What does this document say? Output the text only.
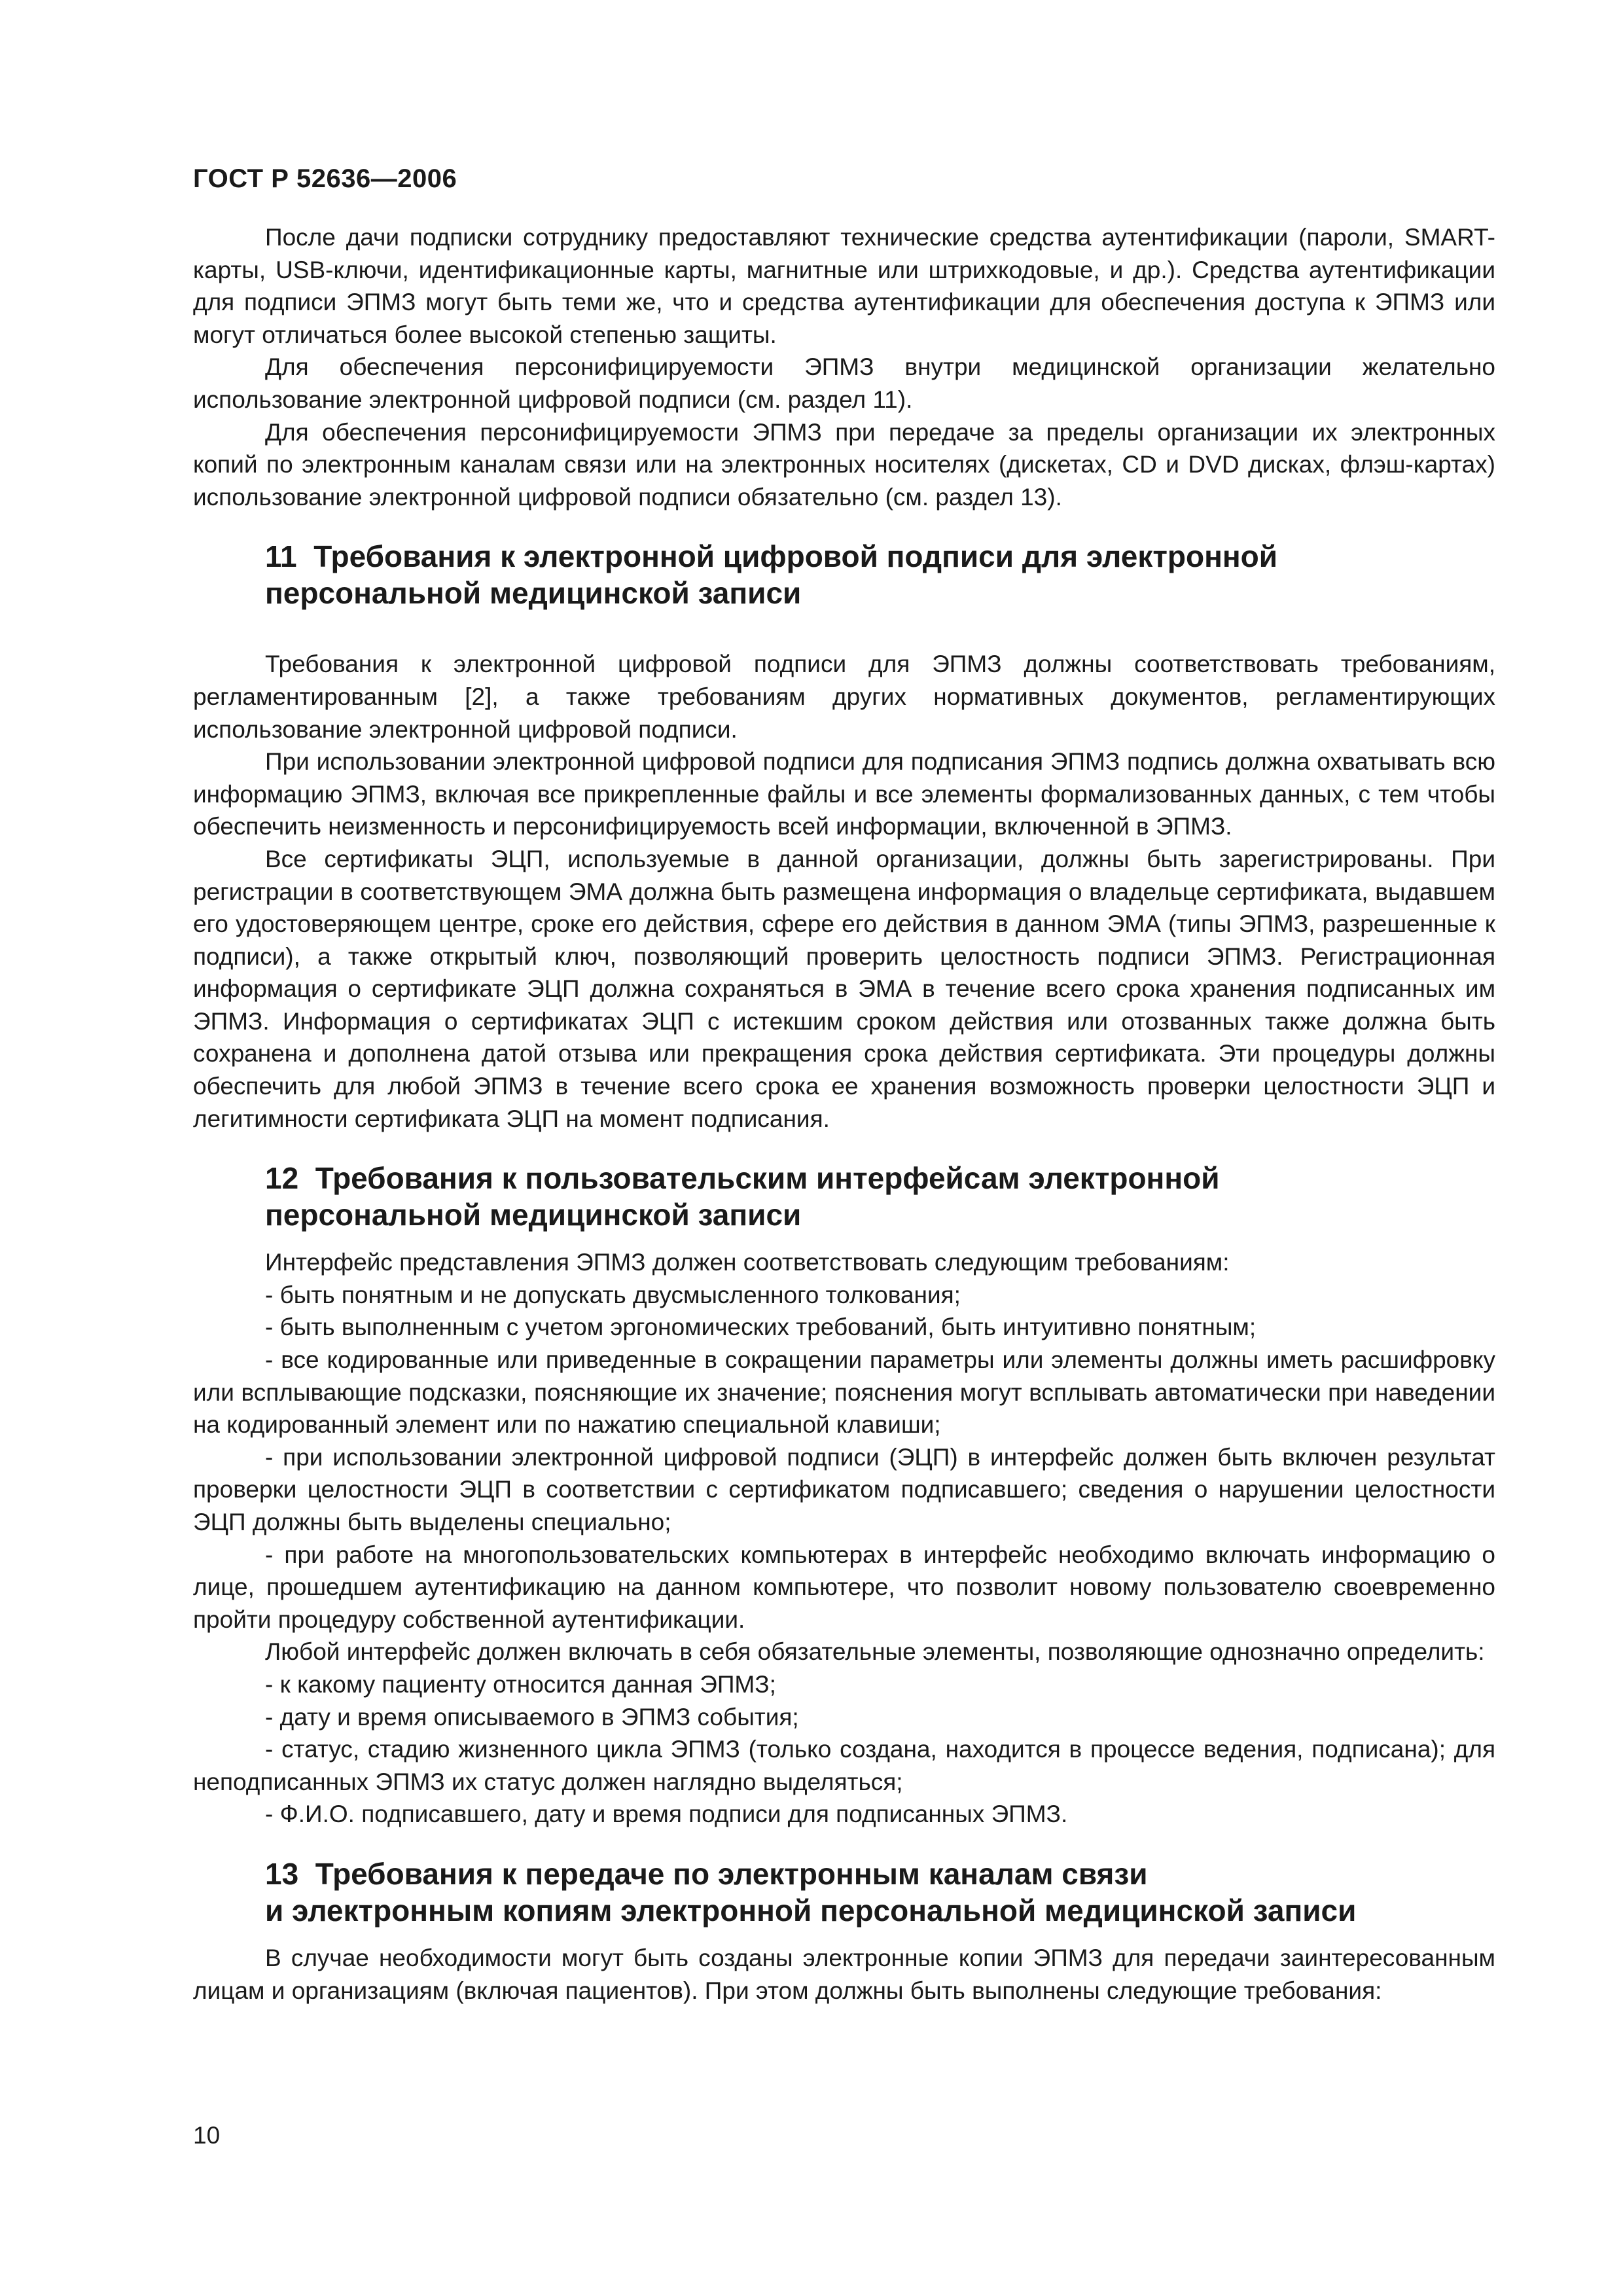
ГОСТ Р 52636—2006

После дачи подписки сотруднику предоставляют технические средства аутентификации (пароли, SMART-карты, USB-ключи, идентификационные карты, магнитные или штрихкодовые, и др.). Средства аутентификации для подписи ЭПМЗ могут быть теми же, что и средства аутентификации для обеспечения доступа к ЭПМЗ или могут отличаться более высокой степенью защиты.

Для обеспечения персонифицируемости ЭПМЗ внутри медицинской организации желательно использование электронной цифровой подписи (см. раздел 11).

Для обеспечения персонифицируемости ЭПМЗ при передаче за пределы организации их электронных копий по электронным каналам связи или на электронных носителях (дискетах, CD и DVD дисках, флэш-картах) использование электронной цифровой подписи обязательно (см. раздел 13).

11 Требования к электронной цифровой подписи для электронной
персональной медицинской записи

Требования к электронной цифровой подписи для ЭПМЗ должны соответствовать требованиям, регламентированным [2], а также требованиям других нормативных документов, регламентирующих использование электронной цифровой подписи.

При использовании электронной цифровой подписи для подписания ЭПМЗ подпись должна охватывать всю информацию ЭПМЗ, включая все прикрепленные файлы и все элементы формализованных данных, с тем чтобы обеспечить неизменность и персонифицируемость всей информации, включенной в ЭПМЗ.

Все сертификаты ЭЦП, используемые в данной организации, должны быть зарегистрированы. При регистрации в соответствующем ЭМА должна быть размещена информация о владельце сертификата, выдавшем его удостоверяющем центре, сроке его действия, сфере его действия в данном ЭМА (типы ЭПМЗ, разрешенные к подписи), а также открытый ключ, позволяющий проверить целостность подписи ЭПМЗ. Регистрационная информация о сертификате ЭЦП должна сохраняться в ЭМА в течение всего срока хранения подписанных им ЭПМЗ. Информация о сертификатах ЭЦП с истекшим сроком действия или отозванных также должна быть сохранена и дополнена датой отзыва или прекращения срока действия сертификата. Эти процедуры должны обеспечить для любой ЭПМЗ в течение всего срока ее хранения возможность проверки целостности ЭЦП и легитимности сертификата ЭЦП на момент подписания.

12 Требования к пользовательским интерфейсам электронной
персональной медицинской записи

Интерфейс представления ЭПМЗ должен соответствовать следующим требованиям:

- быть понятным и не допускать двусмысленного толкования;

- быть выполненным с учетом эргономических требований, быть интуитивно понятным;

- все кодированные или приведенные в сокращении параметры или элементы должны иметь расшифровку или всплывающие подсказки, поясняющие их значение; пояснения могут всплывать автоматически при наведении на кодированный элемент или по нажатию специальной клавиши;

- при использовании электронной цифровой подписи (ЭЦП) в интерфейс должен быть включен результат проверки целостности ЭЦП в соответствии с сертификатом подписавшего; сведения о нарушении целостности ЭЦП должны быть выделены специально;

- при работе на многопользовательских компьютерах в интерфейс необходимо включать информацию о лице, прошедшем аутентификацию на данном компьютере, что позволит новому пользователю своевременно пройти процедуру собственной аутентификации.

Любой интерфейс должен включать в себя обязательные элементы, позволяющие однозначно определить:

- к какому пациенту относится данная ЭПМЗ;

- дату и время описываемого в ЭПМЗ события;

- статус, стадию жизненного цикла ЭПМЗ (только создана, находится в процессе ведения, подписана); для неподписанных ЭПМЗ их статус должен наглядно выделяться;

- Ф.И.О. подписавшего, дату и время подписи для подписанных ЭПМЗ.

13 Требования к передаче по электронным каналам связи
и электронным копиям электронной персональной медицинской записи

В случае необходимости могут быть созданы электронные копии ЭПМЗ для передачи заинтересованным лицам и организациям (включая пациентов). При этом должны быть выполнены следующие требования:

10
